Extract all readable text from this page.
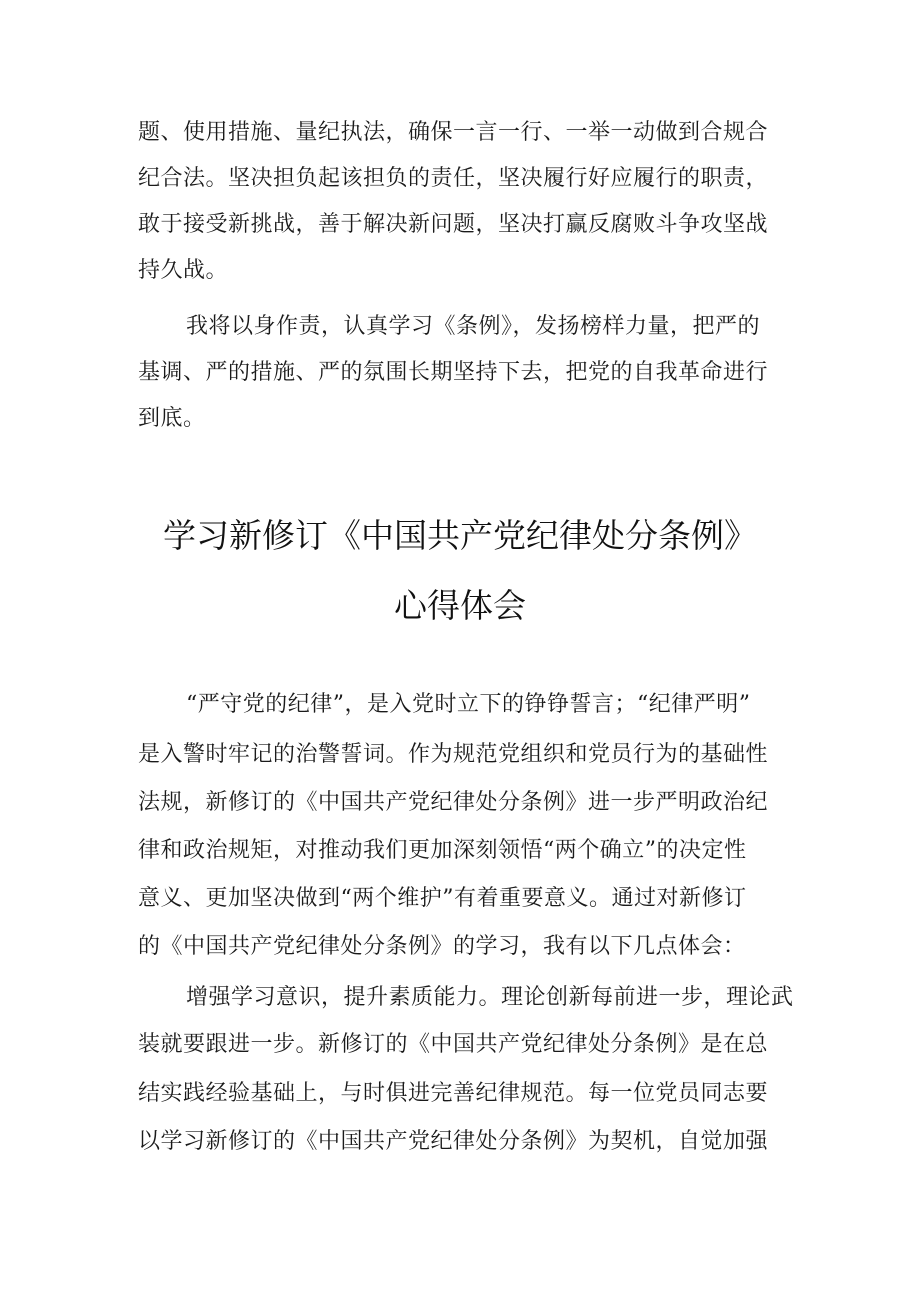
题、使用措施、量纪执法，确保一言一行、一举一动做到合规合
纪合法。坚决担负起该担负的责任，坚决履行好应履行的职责，
敢于接受新挑战，善于解决新问题，坚决打赢反腐败斗争攻坚战
持久战。
我将以身作责，认真学习《条例》，发扬榜样力量，把严的
基调、严的措施、严的氛围长期坚持下去，把党的自我革命进行
到底。
学习新修订《中国共产党纪律处分条例》
心得体会
“严守党的纪律”，是入党时立下的铮铮誓言；“纪律严明”
是入警时牢记的治警誓词。作为规范党组织和党员行为的基础性
法规，新修订的《中国共产党纪律处分条例》进一步严明政治纪
律和政治规矩，对推动我们更加深刻领悟“两个确立”的决定性
意义、更加坚决做到“两个维护”有着重要意义。通过对新修订
的《中国共产党纪律处分条例》的学习，我有以下几点体会：
增强学习意识，提升素质能力。理论创新每前进一步，理论武
装就要跟进一步。新修订的《中国共产党纪律处分条例》是在总
结实践经验基础上，与时俱进完善纪律规范。每一位党员同志要
以学习新修订的《中国共产党纪律处分条例》为契机，自觉加强
